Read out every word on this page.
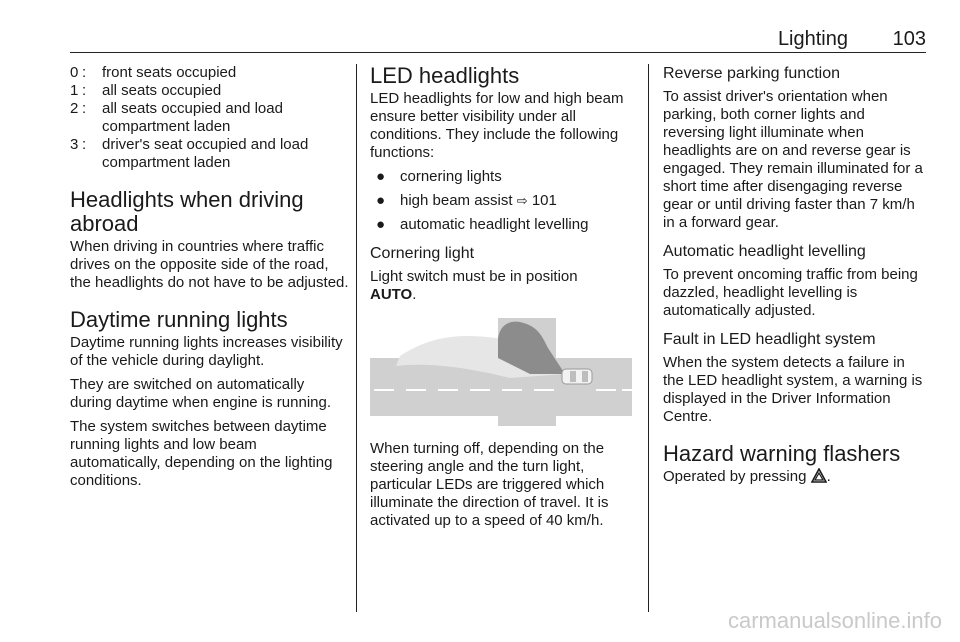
Lighting 103
0 :	front seats occupied
1 :	all seats occupied
2 :	all seats occupied and load compartment laden
3 :	driver's seat occupied and load compartment laden
Headlights when driving abroad

When driving in countries where traffic drives on the opposite side of the road, the headlights do not have to be adjusted.

Daytime running lights

Daytime running lights increases visibility of the vehicle during daylight.

They are switched on automatically during daytime when engine is running.

The system switches between daytime running lights and low beam automatically, depending on the lighting conditions.

LED headlights

LED headlights for low and high beam ensure better visibility under all conditions. They include the following functions:

● cornering lights
● high beam assist ⇨ 101
● automatic headlight levelling
Cornering light

Light switch must be in position
AUTO.

When turning off, depending on the steering angle and the turn light, particular LEDs are triggered which illuminate the direction of travel. It is activated up to a speed of 40 km/h.

Reverse parking function

To assist driver's orientation when parking, both corner lights and reversing light illuminate when headlights are on and reverse gear is engaged. They remain illuminated for a short time after disengaging reverse gear or until driving faster than 7 km/h in a forward gear.

Automatic headlight levelling

To prevent oncoming traffic from being dazzled, headlight levelling is automatically adjusted.

Fault in LED headlight system

When the system detects a failure in the LED headlight system, a warning is displayed in the Driver Information Centre.

Hazard warning flashers

Operated by pressing .

carmanualsonline.info
